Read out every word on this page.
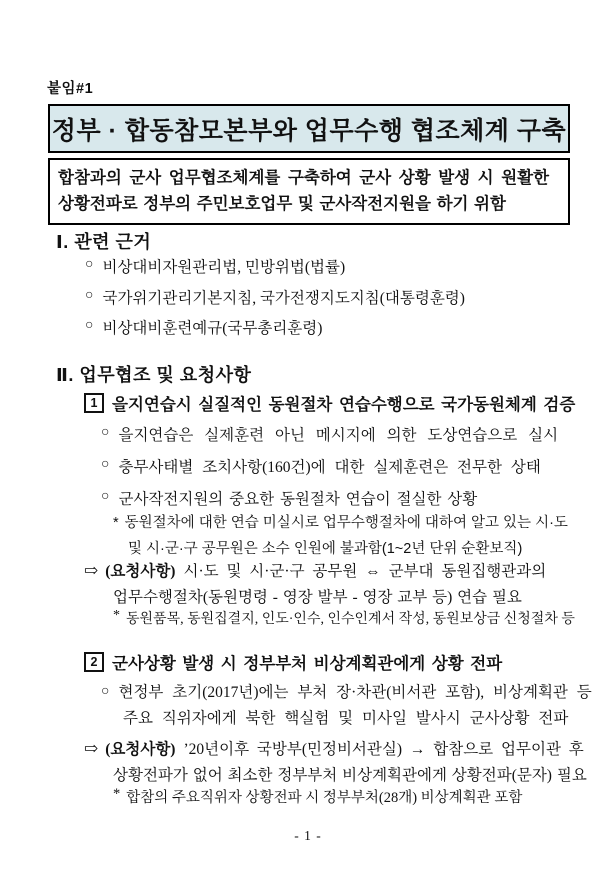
붙임#1
정부 · 합동참모본부와 업무수행 협조체계 구축
합참과의 군사 업무협조체계를 구축하여 군사 상황 발생 시 원활한
상황전파로 정부의 주민보호업무 및 군사작전지원을 하기 위함
Ⅰ. 관련 근거
○ 비상대비자원관리법, 민방위법(법률)
○ 국가위기관리기본지침, 국가전쟁지도지침(대통령훈령)
○ 비상대비훈련예규(국무총리훈령)
Ⅱ. 업무협조 및 요청사항
1 을지연습시 실질적인 동원절차 연습수행으로 국가동원체계 검증
○ 을지연습은 실제훈련 아닌 메시지에 의한 도상연습으로 실시
○ 충무사태별 조치사항(160건)에 대한 실제훈련은 전무한 상태
○ 군사작전지원의 중요한 동원절차 연습이 절실한 상황
* 동원절차에 대한 연습 미실시로 업무수행절차에 대하여 알고 있는 시·도
및 시·군·구 공무원은 소수 인원에 불과함(1~2년 단위 순환보직)
⇨ (요청사항) 시·도 및 시·군·구 공무원 ⇔ 군부대 동원집행관과의
업무수행절차(동원명령 - 영장 발부 - 영장 교부 등) 연습 필요
* 동원품목, 동원집결지, 인도·인수, 인수인계서 작성, 동원보상금 신청절차 등
2 군사상황 발생 시 정부부처 비상계획관에게 상황 전파
○ 현정부 초기(2017년)에는 부처 장·차관(비서관 포함), 비상계획관 등
주요 직위자에게 북한 핵실험 및 미사일 발사시 군사상황 전파
⇨ (요청사항) ’20년이후 국방부(민정비서관실) → 합참으로 업무이관 후
상황전파가 없어 최소한 정부부처 비상계획관에게 상황전파(문자) 필요
* 합참의 주요직위자 상황전파 시 정부부처(28개) 비상계획관 포함
- 1 -
